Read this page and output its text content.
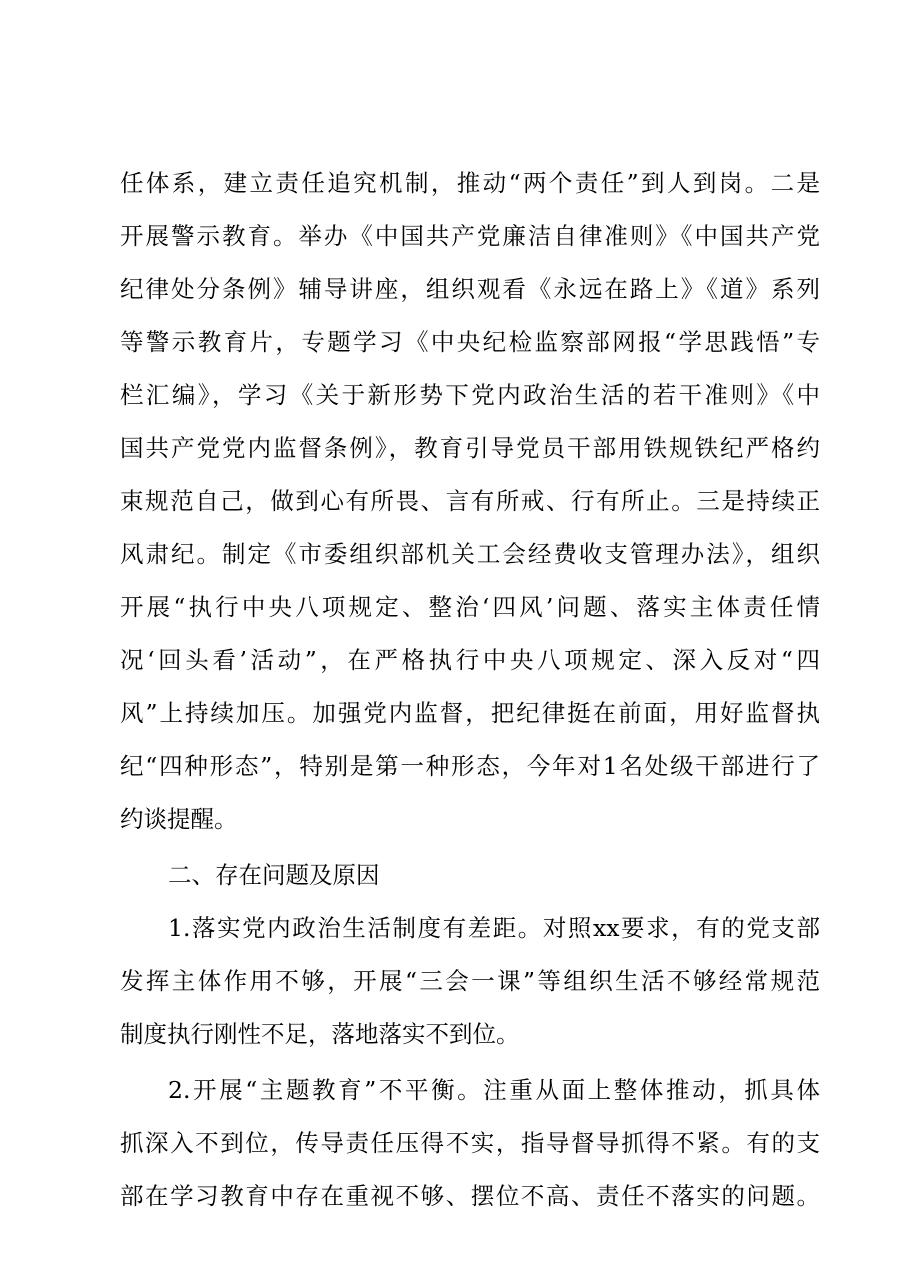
任体系，建立责任追究机制，推动“两个责任”到人到岗。二是
开展警示教育。举办《中国共产党廉洁自律准则》《中国共产党
纪律处分条例》辅导讲座，组织观看《永远在路上》《道》系列
等警示教育片，专题学习《中央纪检监察部网报“学思践悟”专
栏汇编》，学习《关于新形势下党内政治生活的若干准则》《中
国共产党党内监督条例》，教育引导党员干部用铁规铁纪严格约
束规范自己，做到心有所畏、言有所戒、行有所止。三是持续正
风肃纪。制定《市委组织部机关工会经费收支管理办法》，组织
开展“执行中央八项规定、整治‘四风’问题、落实主体责任情
况‘回头看’活动”，在严格执行中央八项规定、深入反对“四
风”上持续加压。加强党内监督，把纪律挺在前面，用好监督执
纪“四种形态”，特别是第一种形态，今年对1名处级干部进行了
约谈提醒。
二、存在问题及原因
1.落实党内政治生活制度有差距。对照xx要求，有的党支部
发挥主体作用不够，开展“三会一课”等组织生活不够经常规范
制度执行刚性不足，落地落实不到位。
2.开展“主题教育”不平衡。注重从面上整体推动，抓具体
抓深入不到位，传导责任压得不实，指导督导抓得不紧。有的支
部在学习教育中存在重视不够、摆位不高、责任不落实的问题。
